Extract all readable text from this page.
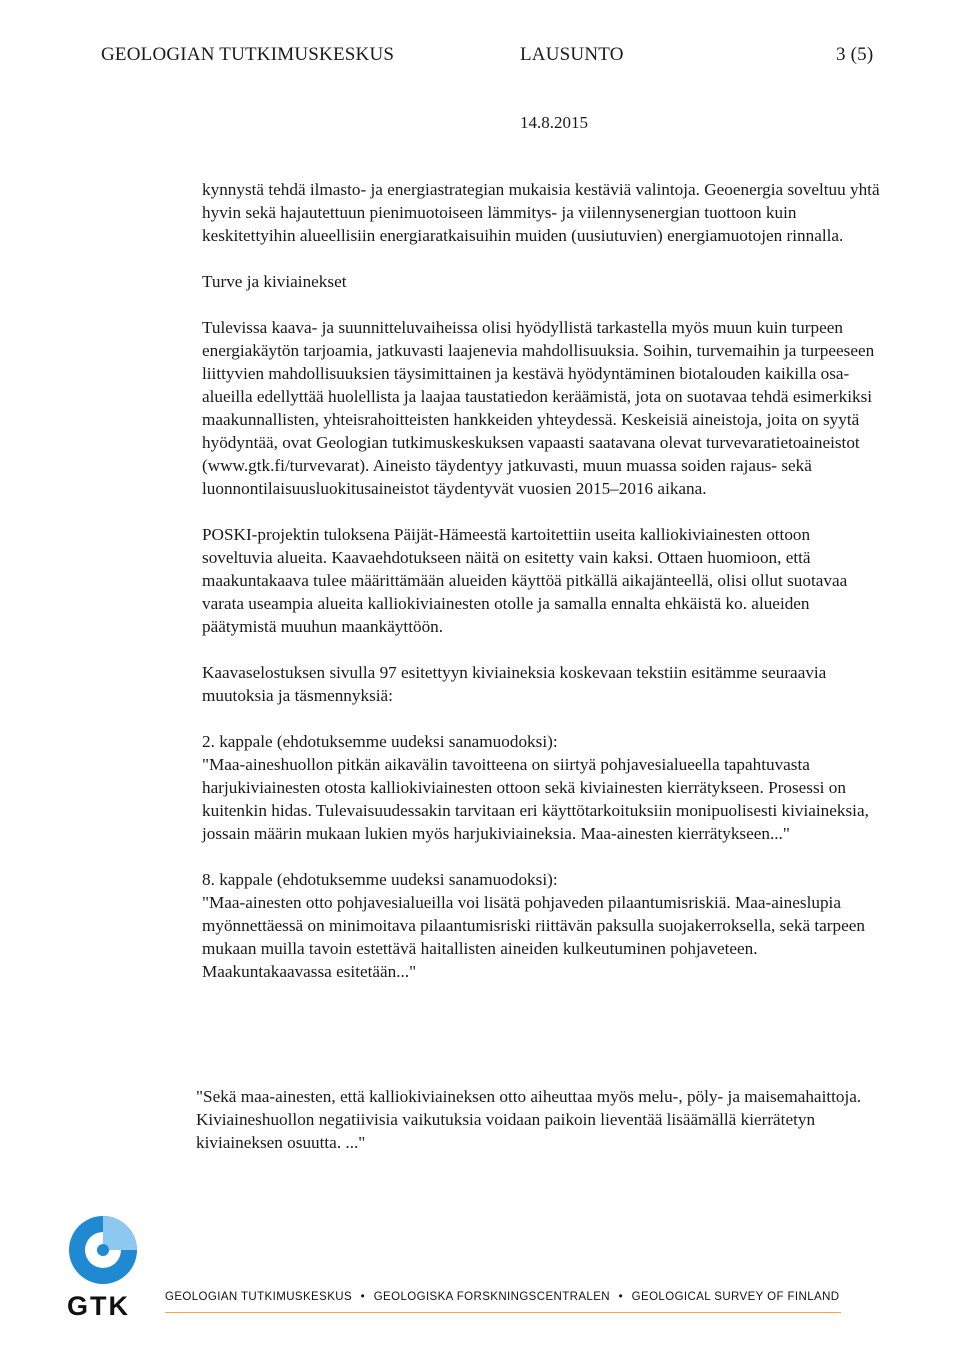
GEOLOGIAN TUTKIMUSKESKUS	LAUSUNTO	3 (5)
14.8.2015

kynnystä tehdä ilmasto- ja energiastrategian mukaisia kestäviä valintoja. Geoenergia soveltuu yhtä hyvin sekä hajautettuun pienimuotoiseen lämmitys- ja viilennysenergian tuottoon kuin keskitettyihin alueellisiin energiaratkaisuihin muiden (uusiutuvien) energiamuotojen rinnalla.

Turve ja kiviainekset

Tulevissa kaava- ja suunnitteluvaiheissa olisi hyödyllistä tarkastella myös muun kuin turpeen energiakäytön tarjoamia, jatkuvasti laajenevia mahdollisuuksia. Soihin, turvemaihin ja turpeeseen liittyvien mahdollisuuksien täysimittainen ja kestävä hyödyntäminen biotalouden kaikilla osa-alueilla edellyttää huolellista ja laajaa taustatiedon keräämistä, jota on suotavaa tehdä esimerkiksi maakunnallisten, yhteisrahoitteisten hankkeiden yhteydessä. Keskeisiä aineistoja, joita on syytä hyödyntää, ovat Geologian tutkimuskeskuksen vapaasti saatavana olevat turvevaratietoaineistot (www.gtk.fi/turvevarat). Aineisto täydentyy jatkuvasti, muun muassa soiden rajaus- sekä luonnontilaisuusluokitusaineistot täydentyvät vuosien 2015–2016 aikana.

POSKI-projektin tuloksena Päijät-Hämeestä kartoitettiin useita kalliokiviainesten ottoon soveltuvia alueita. Kaavaehdotukseen näitä on esitetty vain kaksi. Ottaen huomioon, että maakuntakaava tulee määrittämään alueiden käyttöä pitkällä aikajänteellä, olisi ollut suotavaa varata useampia alueita kalliokiviainesten otolle ja samalla ennalta ehkäistä ko. alueiden päätymistä muuhun maankäyttöön.

Kaavaselostuksen sivulla 97 esitettyyn kiviaineksia koskevaan tekstiin esitämme seuraavia muutoksia ja täsmennyksiä:

2. kappale (ehdotuksemme uudeksi sanamuodoksi):

"Maa-aineshuollon pitkän aikavälin tavoitteena on siirtyä pohjavesialueella tapahtuvasta harjukiviainesten otosta kalliokiviainesten ottoon sekä kiviainesten kierrätykseen. Prosessi on kuitenkin hidas. Tulevaisuudessakin tarvitaan eri käyttötarkoituksiin monipuolisesti kiviaineksia, jossain määrin mukaan lukien myös harjukiviaineksia. Maa-ainesten kierrätykseen..."

8. kappale (ehdotuksemme uudeksi sanamuodoksi):

"Maa-ainesten otto pohjavesialueilla voi lisätä pohjaveden pilaantumisriskiä. Maa-aineslupia myönnettäessä on minimoitava pilaantumisriski riittävän paksulla suojakerroksella, sekä tarpeen mukaan muilla tavoin estettävä haitallisten aineiden kulkeutuminen pohjaveteen. Maakuntakaavassa esitetään..."

"Sekä maa-ainesten, että kalliokiviaineksen otto aiheuttaa myös melu-, pöly- ja maisemahaittoja. Kiviaineshuollon negatiivisia vaikutuksia voidaan paikoin lieventää lisäämällä kierrätetyn kiviaineksen osuutta. ..."

GTK	GEOLOGIAN TUTKIMUSKESKUS • GEOLOGISKA FORSKNINGSCENTRALEN • GEOLOGICAL SURVEY OF FINLAND
